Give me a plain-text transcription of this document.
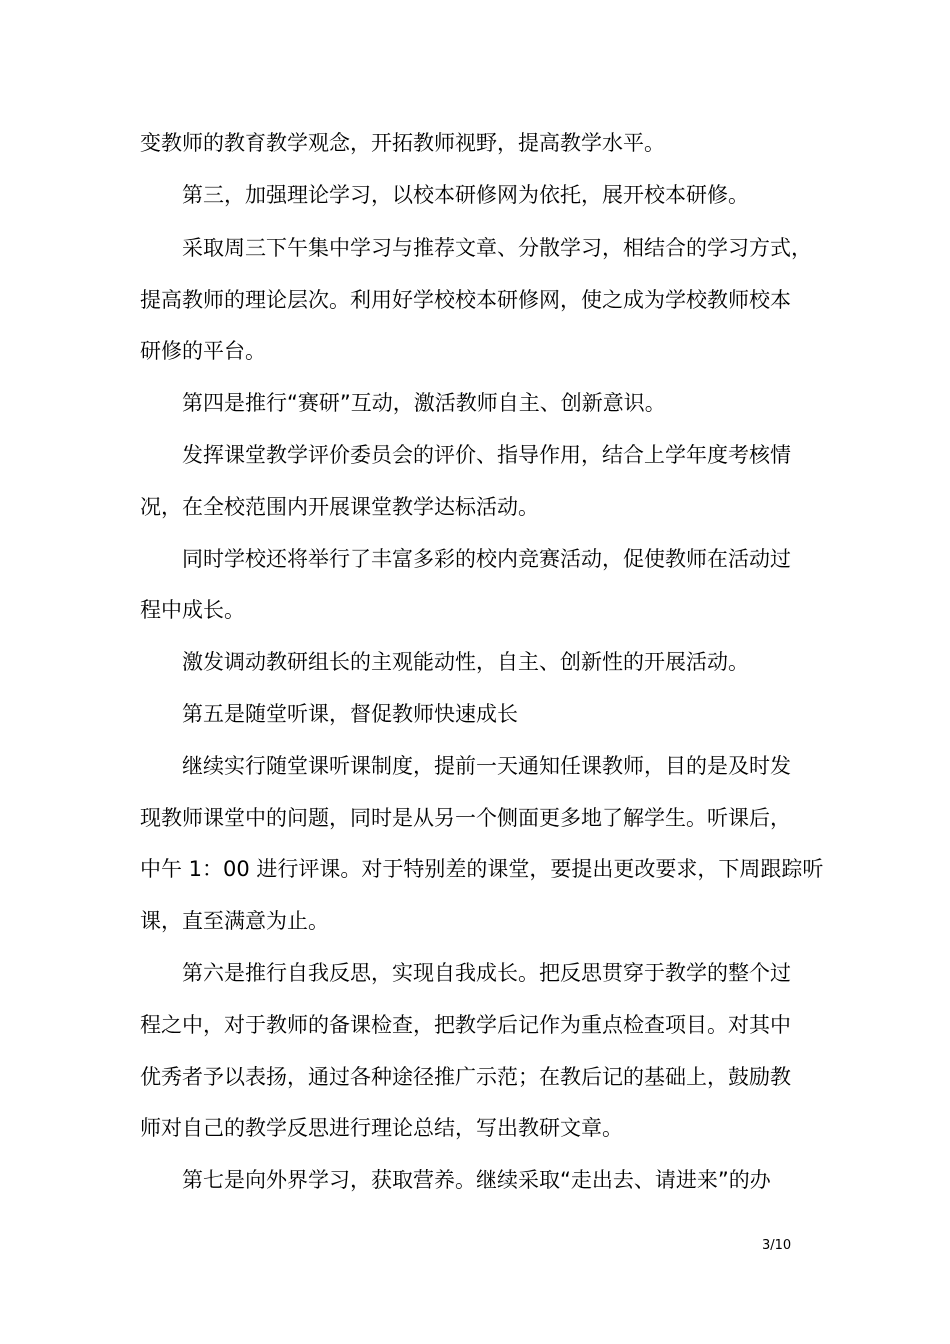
变教师的教育教学观念，开拓教师视野，提高教学水平。
第三，加强理论学习，以校本研修网为依托，展开校本研修。
采取周三下午集中学习与推荐文章、分散学习，相结合的学习方式，
提高教师的理论层次。利用好学校校本研修网，使之成为学校教师校本
研修的平台。
第四是推行“赛研”互动，激活教师自主、创新意识。
发挥课堂教学评价委员会的评价、指导作用，结合上学年度考核情
况，在全校范围内开展课堂教学达标活动。
同时学校还将举行了丰富多彩的校内竞赛活动，促使教师在活动过
程中成长。
激发调动教研组长的主观能动性，自主、创新性的开展活动。
第五是随堂听课，督促教师快速成长
继续实行随堂课听课制度，提前一天通知任课教师，目的是及时发
现教师课堂中的问题，同时是从另一个侧面更多地了解学生。听课后，
中午 1：00 进行评课。对于特别差的课堂，要提出更改要求，下周跟踪听
课，直至满意为止。
第六是推行自我反思，实现自我成长。把反思贯穿于教学的整个过
程之中，对于教师的备课检查，把教学后记作为重点检查项目。对其中
优秀者予以表扬，通过各种途径推广示范；在教后记的基础上，鼓励教
师对自己的教学反思进行理论总结，写出教研文章。
第七是向外界学习，获取营养。继续采取“走出去、请进来”的办
3/10
